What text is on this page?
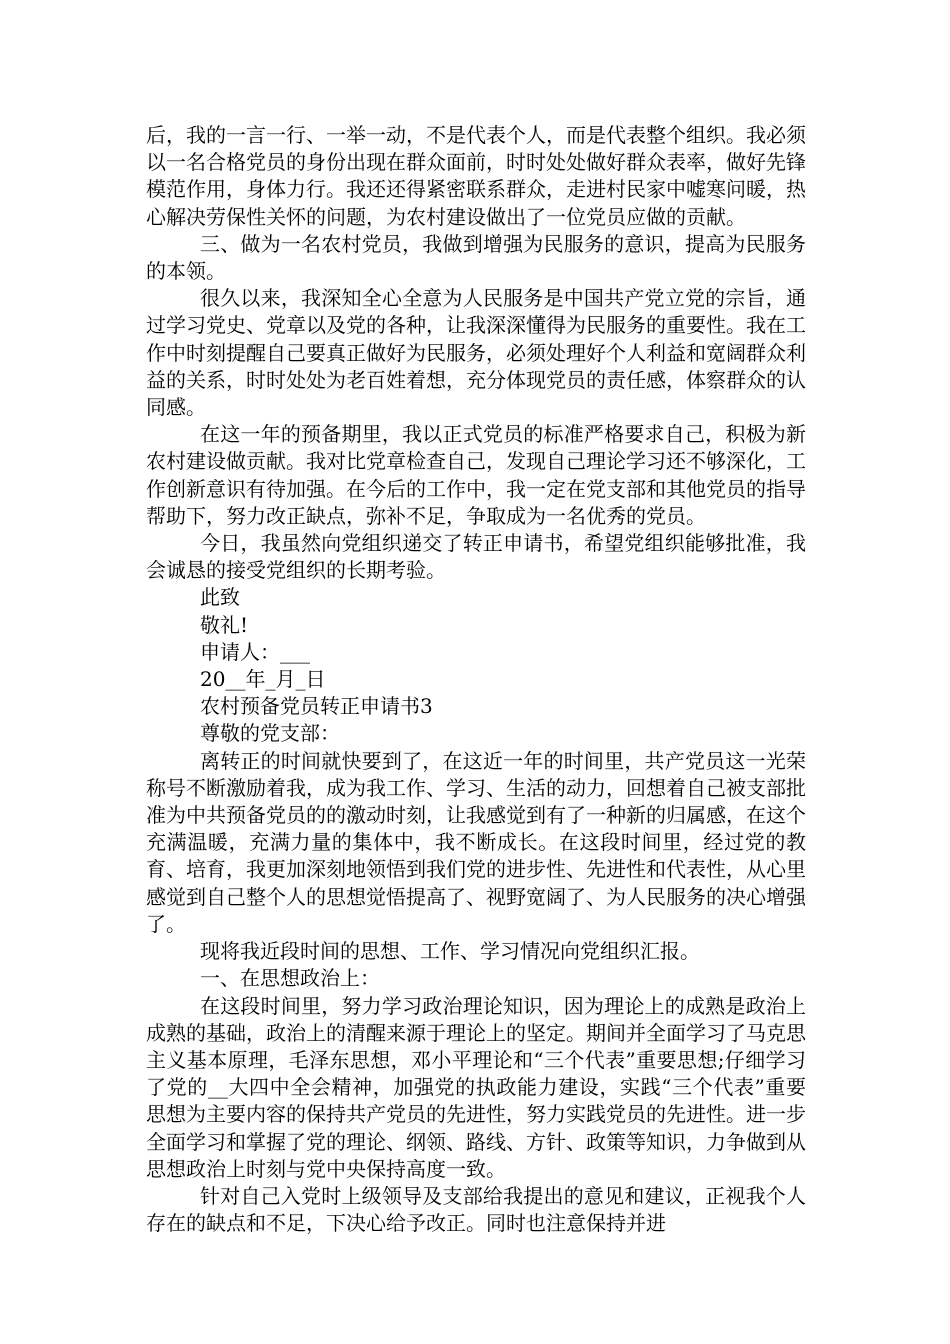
后，我的一言一行、一举一动，不是代表个人，而是代表整个组织。我必须以一名合格党员的身份出现在群众面前，时时处处做好群众表率，做好先锋模范作用，身体力行。我还还得紧密联系群众，走进村民家中嘘寒问暖，热心解决劳保性关怀的问题，为农村建设做出了一位党员应做的贡献。

三、做为一名农村党员，我做到增强为民服务的意识，提高为民服务的本领。

很久以来，我深知全心全意为人民服务是中国共产党立党的宗旨，通过学习党史、党章以及党的各种，让我深深懂得为民服务的重要性。我在工作中时刻提醒自己要真正做好为民服务，必须处理好个人利益和宽阔群众利益的关系，时时处处为老百姓着想，充分体现党员的责任感，体察群众的认同感。

在这一年的预备期里，我以正式党员的标准严格要求自己，积极为新农村建设做贡献。我对比党章检查自己，发现自己理论学习还不够深化，工作创新意识有待加强。在今后的工作中，我一定在党支部和其他党员的指导帮助下，努力改正缺点，弥补不足，争取成为一名优秀的党员。

今日，我虽然向党组织递交了转正申请书，希望党组织能够批准，我会诚恳的接受党组织的长期考验。

此致

敬礼!

申请人：___

20__年_月_日

农村预备党员转正申请书3

尊敬的党支部：

离转正的时间就快要到了，在这近一年的时间里，共产党员这一光荣称号不断激励着我，成为我工作、学习、生活的动力，回想着自己被支部批准为中共预备党员的的激动时刻，让我感觉到有了一种新的归属感，在这个充满温暖，充满力量的集体中，我不断成长。在这段时间里，经过党的教育、培育，我更加深刻地领悟到我们党的进步性、先进性和代表性，从心里感觉到自己整个人的思想觉悟提高了、视野宽阔了、为人民服务的决心增强了。

现将我近段时间的思想、工作、学习情况向党组织汇报。

一、在思想政治上：

在这段时间里，努力学习政治理论知识，因为理论上的成熟是政治上成熟的基础，政治上的清醒来源于理论上的坚定。期间并全面学习了马克思主义基本原理，毛泽东思想，邓小平理论和“三个代表”重要思想;仔细学习了党的__大四中全会精神，加强党的执政能力建设，实践“三个代表”重要思想为主要内容的保持共产党员的先进性，努力实践党员的先进性。进一步全面学习和掌握了党的理论、纲领、路线、方针、政策等知识，力争做到从思想政治上时刻与党中央保持高度一致。

针对自己入党时上级领导及支部给我提出的意见和建议，正视我个人存在的缺点和不足，下决心给予改正。同时也注意保持并进
